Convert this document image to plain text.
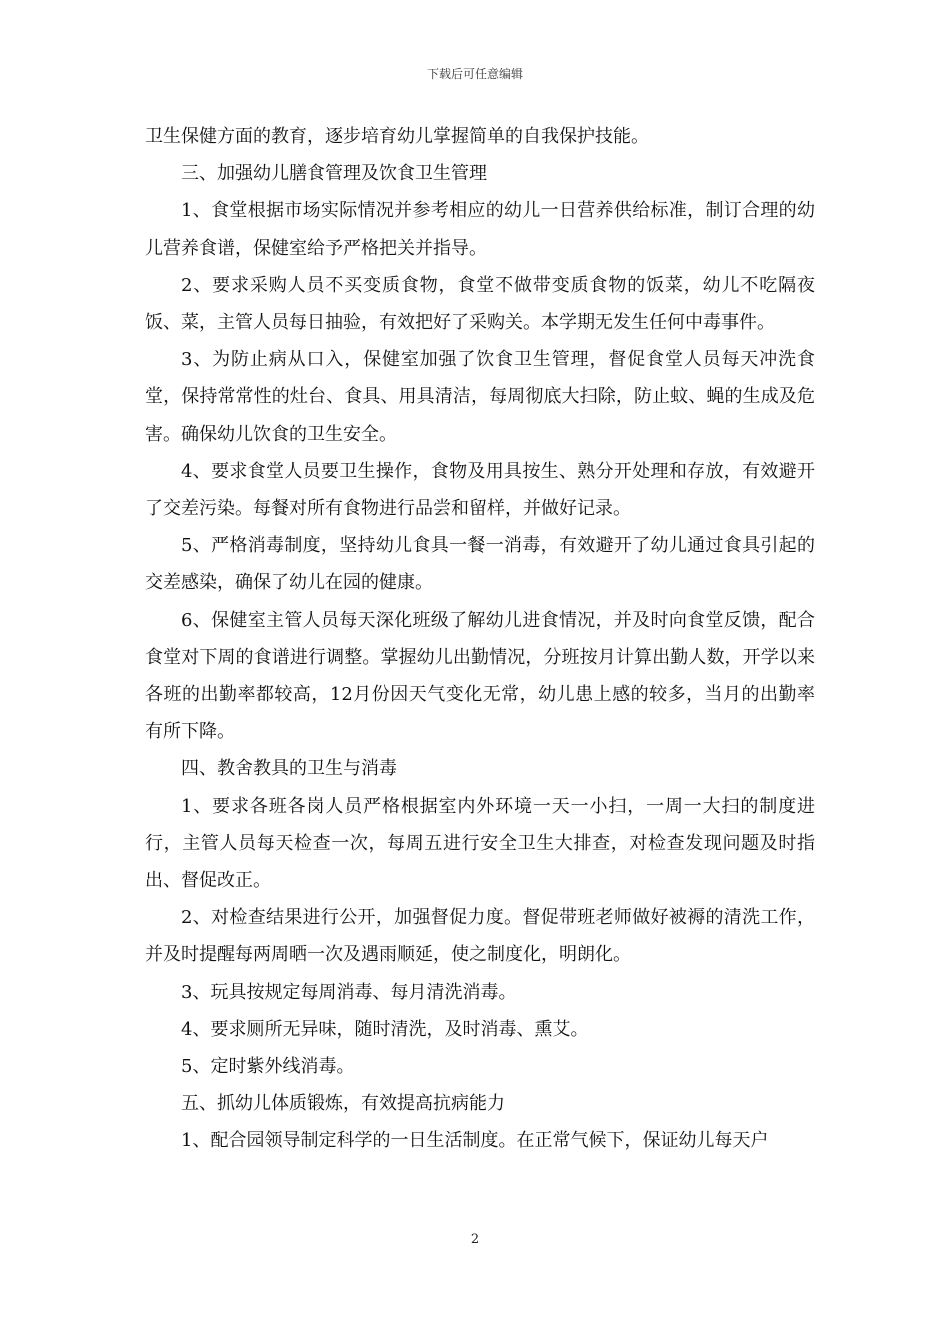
下载后可任意编辑

卫生保健方面的教育，逐步培育幼儿掌握简单的自我保护技能。

三、加强幼儿膳食管理及饮食卫生管理

1、食堂根据市场实际情况并参考相应的幼儿一日营养供给标准，制订合理的幼儿营养食谱，保健室给予严格把关并指导。

2、要求采购人员不买变质食物，食堂不做带变质食物的饭菜，幼儿不吃隔夜饭、菜，主管人员每日抽验，有效把好了采购关。本学期无发生任何中毒事件。

3、为防止病从口入，保健室加强了饮食卫生管理，督促食堂人员每天冲洗食堂，保持常常性的灶台、食具、用具清洁，每周彻底大扫除，防止蚊、蝇的生成及危害。确保幼儿饮食的卫生安全。

4、要求食堂人员要卫生操作，食物及用具按生、熟分开处理和存放，有效避开了交差污染。每餐对所有食物进行品尝和留样，并做好记录。

5、严格消毒制度，坚持幼儿食具一餐一消毒，有效避开了幼儿通过食具引起的交差感染，确保了幼儿在园的健康。

6、保健室主管人员每天深化班级了解幼儿进食情况，并及时向食堂反馈，配合食堂对下周的食谱进行调整。掌握幼儿出勤情况，分班按月计算出勤人数，开学以来各班的出勤率都较高，12月份因天气变化无常，幼儿患上感的较多，当月的出勤率有所下降。

四、教舍教具的卫生与消毒

1、要求各班各岗人员严格根据室内外环境一天一小扫，一周一大扫的制度进行，主管人员每天检查一次，每周五进行安全卫生大排查，对检查发现问题及时指出、督促改正。

2、对检查结果进行公开，加强督促力度。督促带班老师做好被褥的清洗工作，并及时提醒每两周晒一次及遇雨顺延，使之制度化，明朗化。

3、玩具按规定每周消毒、每月清洗消毒。

4、要求厕所无异味，随时清洗，及时消毒、熏艾。

5、定时紫外线消毒。

五、抓幼儿体质锻炼，有效提高抗病能力

1、配合园领导制定科学的一日生活制度。在正常气候下，保证幼儿每天户

2
